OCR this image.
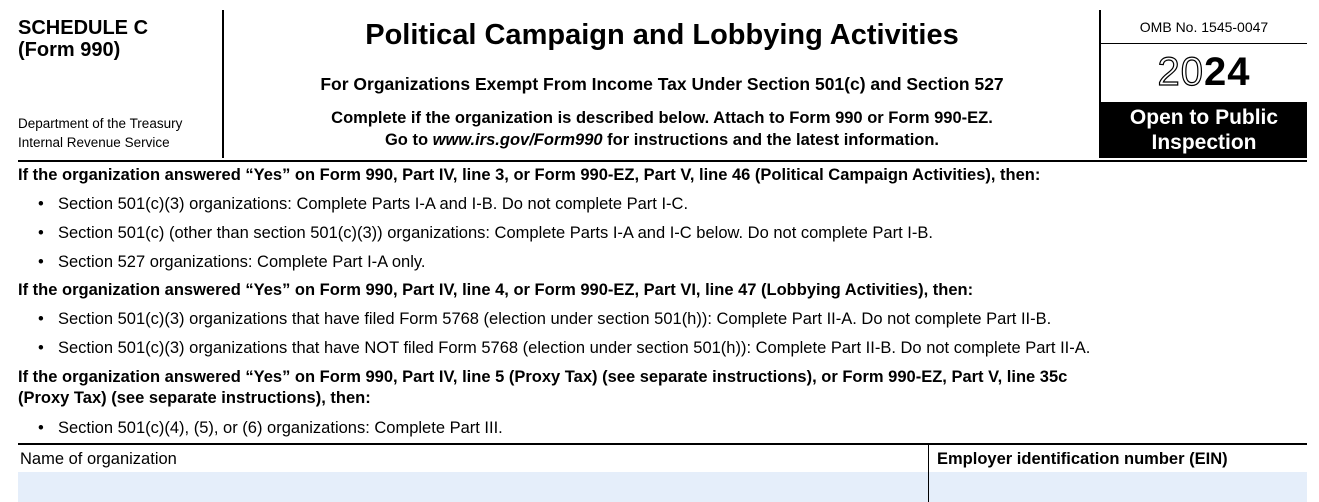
SCHEDULE C
(Form 990)
Department of the Treasury
Internal Revenue Service
Political Campaign and Lobbying Activities
For Organizations Exempt From Income Tax Under Section 501(c) and Section 527
Complete if the organization is described below. Attach to Form 990 or Form 990-EZ.
Go to www.irs.gov/Form990 for instructions and the latest information.
OMB No. 1545-0047
2024
Open to Public
Inspection
If the organization answered “Yes” on Form 990, Part IV, line 3, or Form 990-EZ, Part V, line 46 (Political Campaign Activities), then:
• Section 501(c)(3) organizations: Complete Parts I-A and I-B. Do not complete Part I-C.
• Section 501(c) (other than section 501(c)(3)) organizations: Complete Parts I-A and I-C below. Do not complete Part I-B.
• Section 527 organizations: Complete Part I-A only.
If the organization answered “Yes” on Form 990, Part IV, line 4, or Form 990-EZ, Part VI, line 47 (Lobbying Activities), then:
• Section 501(c)(3) organizations that have filed Form 5768 (election under section 501(h)): Complete Part II-A. Do not complete Part II-B.
• Section 501(c)(3) organizations that have NOT filed Form 5768 (election under section 501(h)): Complete Part II-B. Do not complete Part II-A.
If the organization answered “Yes” on Form 990, Part IV, line 5 (Proxy Tax) (see separate instructions), or Form 990-EZ, Part V, line 35c
(Proxy Tax) (see separate instructions), then:
• Section 501(c)(4), (5), or (6) organizations: Complete Part III.
Name of organization	Employer identification number (EIN)
